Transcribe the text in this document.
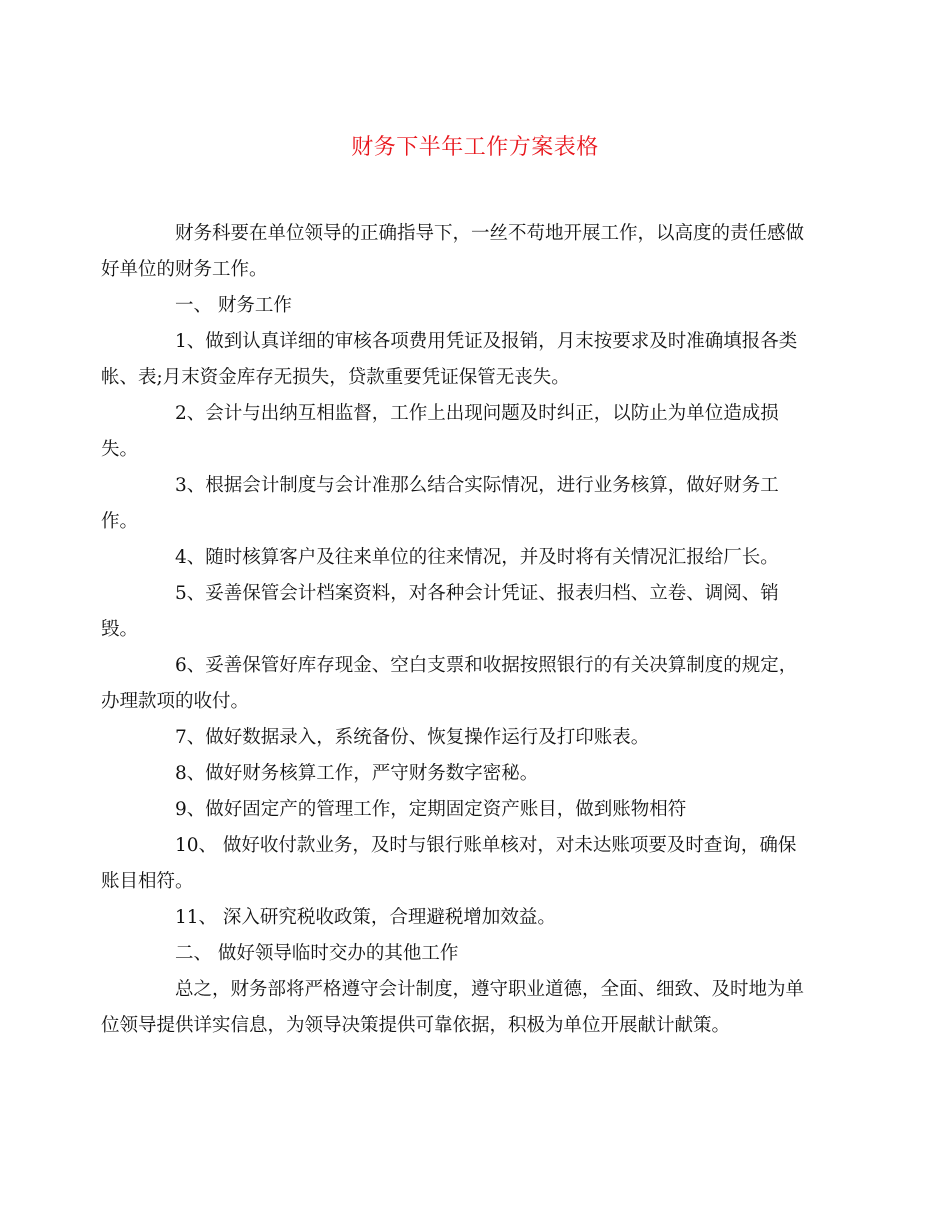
财务下半年工作方案表格

财务科要在单位领导的正确指导下，一丝不苟地开展工作，以高度的责任感做
好单位的财务工作。

一、 财务工作

1、做到认真详细的审核各项费用凭证及报销，月末按要求及时准确填报各类
帐、表;月末资金库存无损失，贷款重要凭证保管无丧失。

2、会计与出纳互相监督，工作上出现问题及时纠正，以防止为单位造成损
失。

3、根据会计制度与会计准那么结合实际情况，进行业务核算，做好财务工
作。

4、随时核算客户及往来单位的往来情况，并及时将有关情况汇报给厂长。

5、妥善保管会计档案资料，对各种会计凭证、报表归档、立卷、调阅、销
毁。

6、妥善保管好库存现金、空白支票和收据按照银行的有关决算制度的规定，
办理款项的收付。

7、做好数据录入，系统备份、恢复操作运行及打印账表。

8、做好财务核算工作，严守财务数字密秘。

9、做好固定产的管理工作，定期固定资产账目，做到账物相符

10、 做好收付款业务，及时与银行账单核对，对未达账项要及时查询，确保
账目相符。

11、 深入研究税收政策，合理避税增加效益。

二、 做好领导临时交办的其他工作

总之，财务部将严格遵守会计制度，遵守职业道德，全面、细致、及时地为单
位领导提供详实信息，为领导决策提供可靠依据，积极为单位开展献计献策。
